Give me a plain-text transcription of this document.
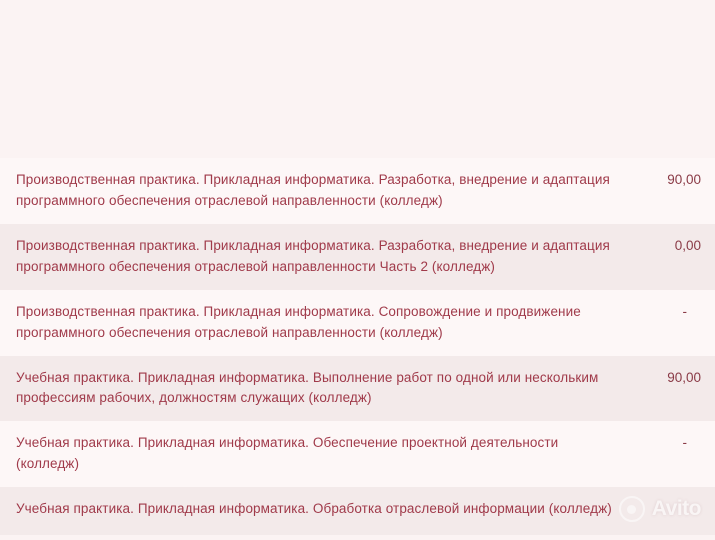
Производственная практика. Прикладная информатика. Разработка, внедрение и адаптация программного обеспечения отраслевой направленности (колледж)
90,00
Производственная практика. Прикладная информатика. Разработка, внедрение и адаптация программного обеспечения отраслевой направленности Часть 2 (колледж)
0,00
Производственная практика. Прикладная информатика. Сопровождение и продвижение программного обеспечения отраслевой направленности (колледж)
-
Учебная практика. Прикладная информатика. Выполнение работ по одной или нескольким профессиям рабочих, должностям служащих (колледж)
90,00
Учебная практика. Прикладная информатика. Обеспечение проектной деятельности (колледж)
-
Учебная практика. Прикладная информатика. Обработка отраслевой информации (колледж) Avito
